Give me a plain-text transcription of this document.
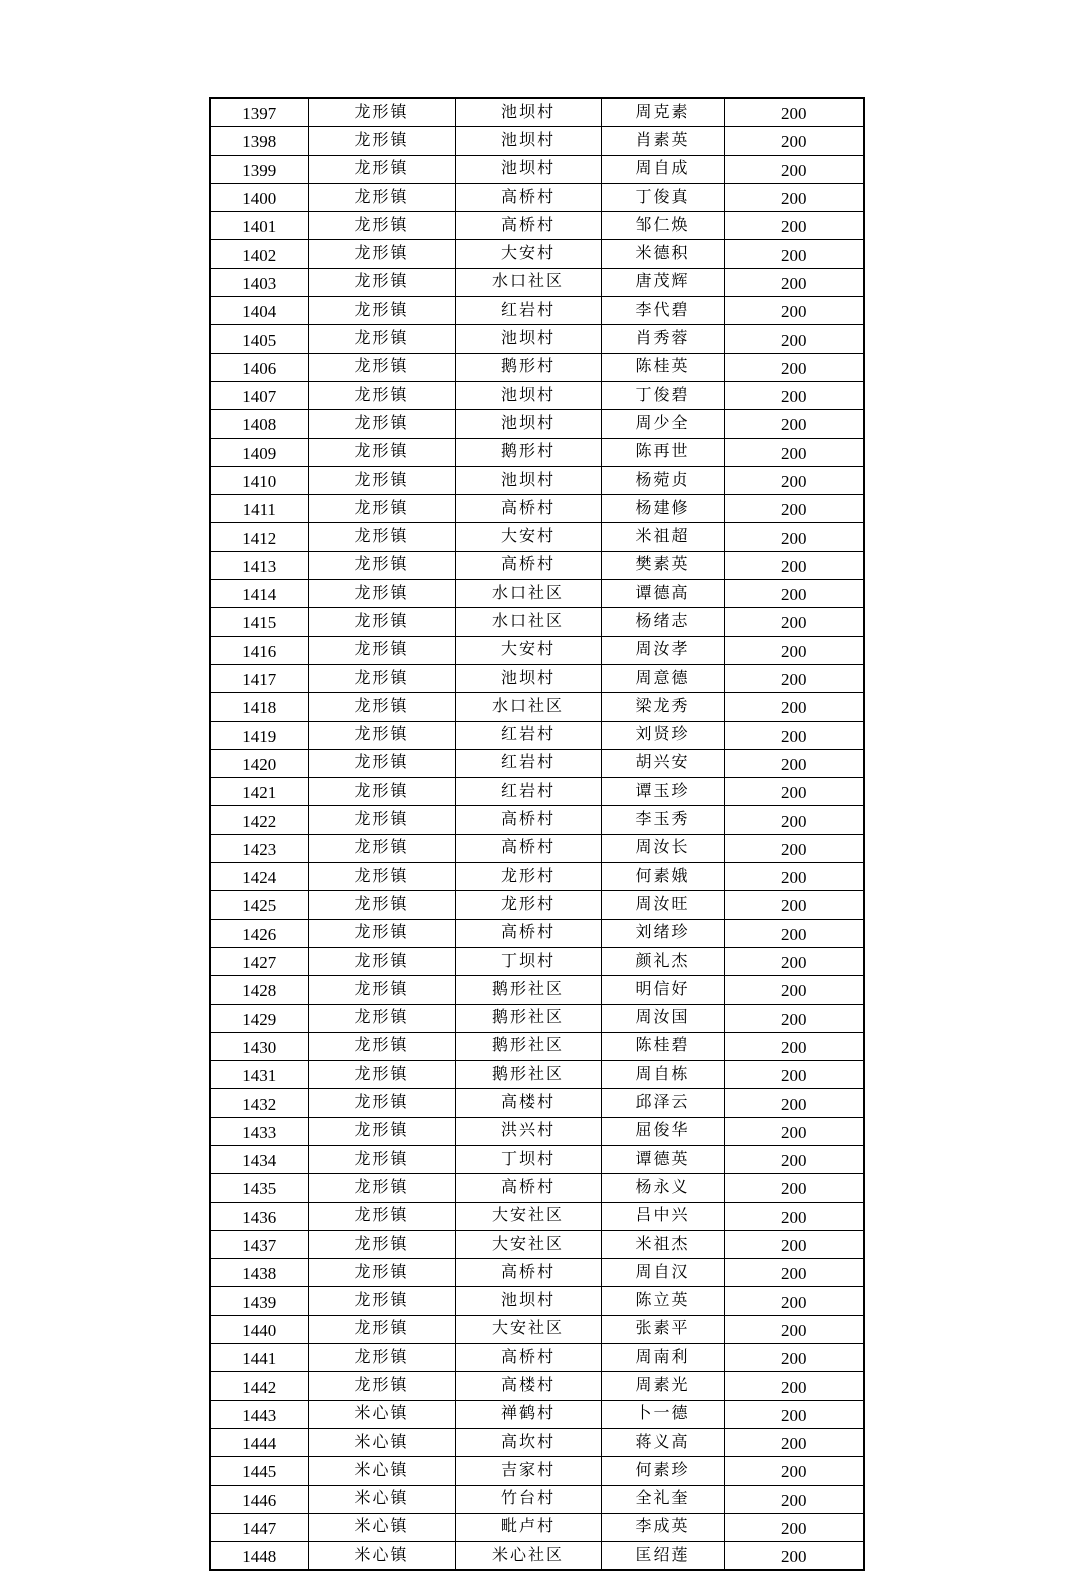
1397	龙形镇	池坝村	周克素	200
1398	龙形镇	池坝村	肖素英	200
1399	龙形镇	池坝村	周自成	200
1400	龙形镇	高桥村	丁俊真	200
1401	龙形镇	高桥村	邹仁焕	200
1402	龙形镇	大安村	米德积	200
1403	龙形镇	水口社区	唐茂辉	200
1404	龙形镇	红岩村	李代碧	200
1405	龙形镇	池坝村	肖秀蓉	200
1406	龙形镇	鹅形村	陈桂英	200
1407	龙形镇	池坝村	丁俊碧	200
1408	龙形镇	池坝村	周少全	200
1409	龙形镇	鹅形村	陈再世	200
1410	龙形镇	池坝村	杨菀贞	200
1411	龙形镇	高桥村	杨建修	200
1412	龙形镇	大安村	米祖超	200
1413	龙形镇	高桥村	樊素英	200
1414	龙形镇	水口社区	谭德高	200
1415	龙形镇	水口社区	杨绪志	200
1416	龙形镇	大安村	周汝孝	200
1417	龙形镇	池坝村	周意德	200
1418	龙形镇	水口社区	梁龙秀	200
1419	龙形镇	红岩村	刘贤珍	200
1420	龙形镇	红岩村	胡兴安	200
1421	龙形镇	红岩村	谭玉珍	200
1422	龙形镇	高桥村	李玉秀	200
1423	龙形镇	高桥村	周汝长	200
1424	龙形镇	龙形村	何素娥	200
1425	龙形镇	龙形村	周汝旺	200
1426	龙形镇	高桥村	刘绪珍	200
1427	龙形镇	丁坝村	颜礼杰	200
1428	龙形镇	鹅形社区	明信好	200
1429	龙形镇	鹅形社区	周汝国	200
1430	龙形镇	鹅形社区	陈桂碧	200
1431	龙形镇	鹅形社区	周自栋	200
1432	龙形镇	高楼村	邱泽云	200
1433	龙形镇	洪兴村	屈俊华	200
1434	龙形镇	丁坝村	谭德英	200
1435	龙形镇	高桥村	杨永义	200
1436	龙形镇	大安社区	吕中兴	200
1437	龙形镇	大安社区	米祖杰	200
1438	龙形镇	高桥村	周自汉	200
1439	龙形镇	池坝村	陈立英	200
1440	龙形镇	大安社区	张素平	200
1441	龙形镇	高桥村	周南利	200
1442	龙形镇	高楼村	周素光	200
1443	米心镇	禅鹤村	卜一德	200
1444	米心镇	高坎村	蒋义高	200
1445	米心镇	吉家村	何素珍	200
1446	米心镇	竹台村	全礼奎	200
1447	米心镇	毗卢村	李成英	200
1448	米心镇	米心社区	匡绍莲	200
